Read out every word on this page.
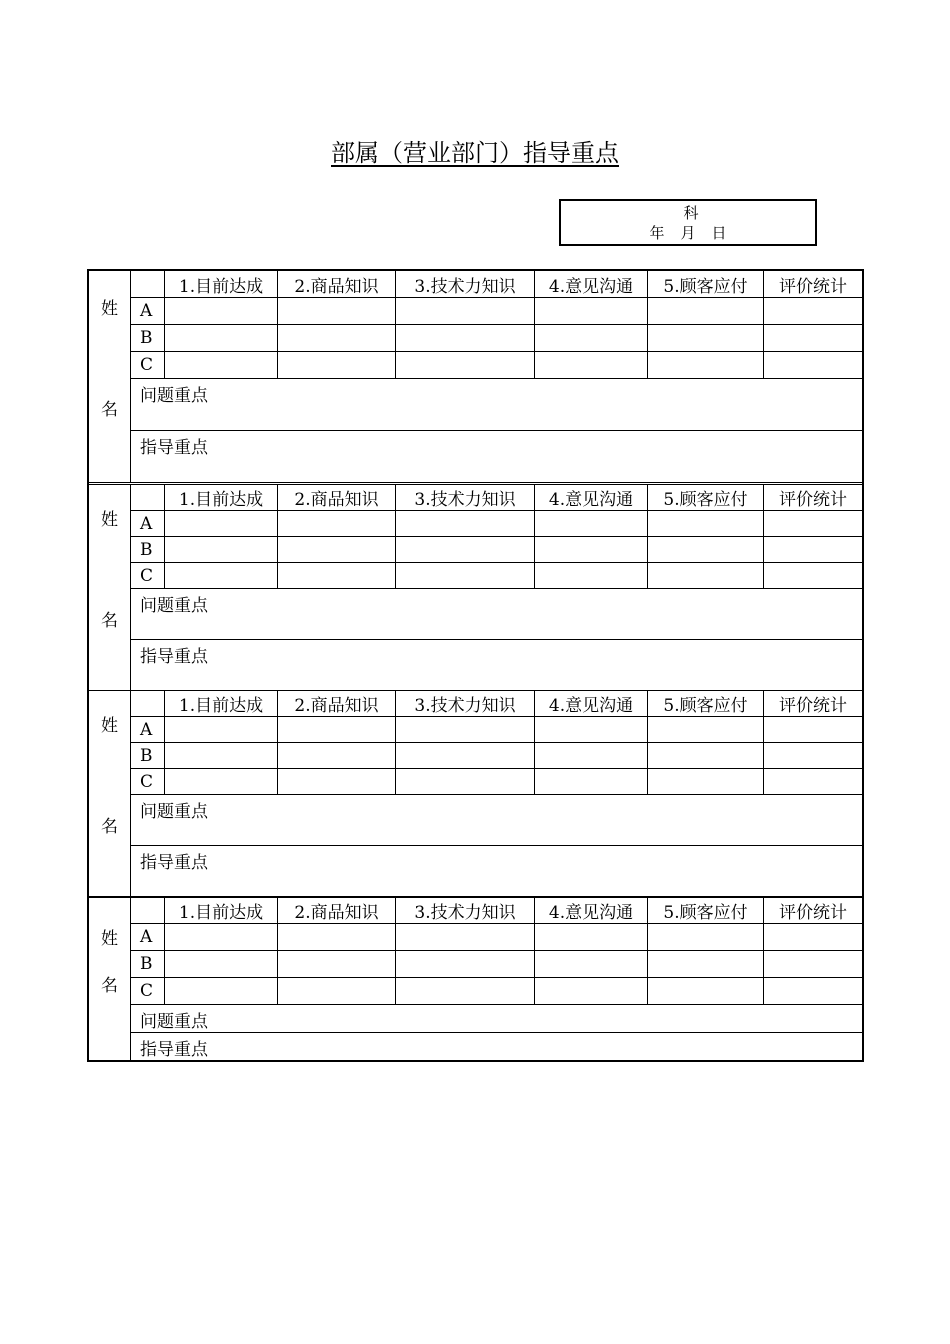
部属（营业部门）指导重点
科
年 月 日
姓
名		1.目前达成	2.商品知识	3.技术力知识	4.意见沟通	5.顾客应付	评价统计
	A						
	B						
	C						
	问题重点						
	指导重点						
姓
名		1.目前达成	2.商品知识	3.技术力知识	4.意见沟通	5.顾客应付	评价统计
	A						
	B						
	C						
	问题重点						
	指导重点						
姓
名		1.目前达成	2.商品知识	3.技术力知识	4.意见沟通	5.顾客应付	评价统计
	A						
	B						
	C						
	问题重点						
	指导重点						
姓
名		1.目前达成	2.商品知识	3.技术力知识	4.意见沟通	5.顾客应付	评价统计
	A						
	B						
	C						
	问题重点						
	指导重点						
